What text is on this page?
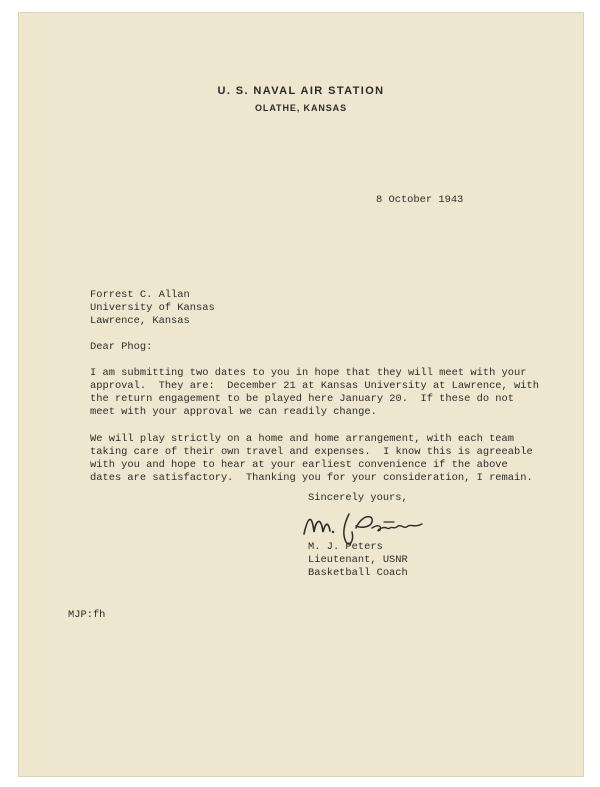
U. S. NAVAL AIR STATION
OLATHE, KANSAS
8 October 1943
Forrest C. Allan
University of Kansas
Lawrence, Kansas
Dear Phog:
I am submitting two dates to you in hope that they will meet with your
approval.  They are:  December 21 at Kansas University at Lawrence, with
the return engagement to be played here January 20.  If these do not
meet with your approval we can readily change.
We will play strictly on a home and home arrangement, with each team
taking care of their own travel and expenses.  I know this is agreeable
with you and hope to hear at your earliest convenience if the above
dates are satisfactory.  Thanking you for your consideration, I remain.
Sincerely yours,
M. J. Peters
Lieutenant, USNR
Basketball Coach
MJP:fh
